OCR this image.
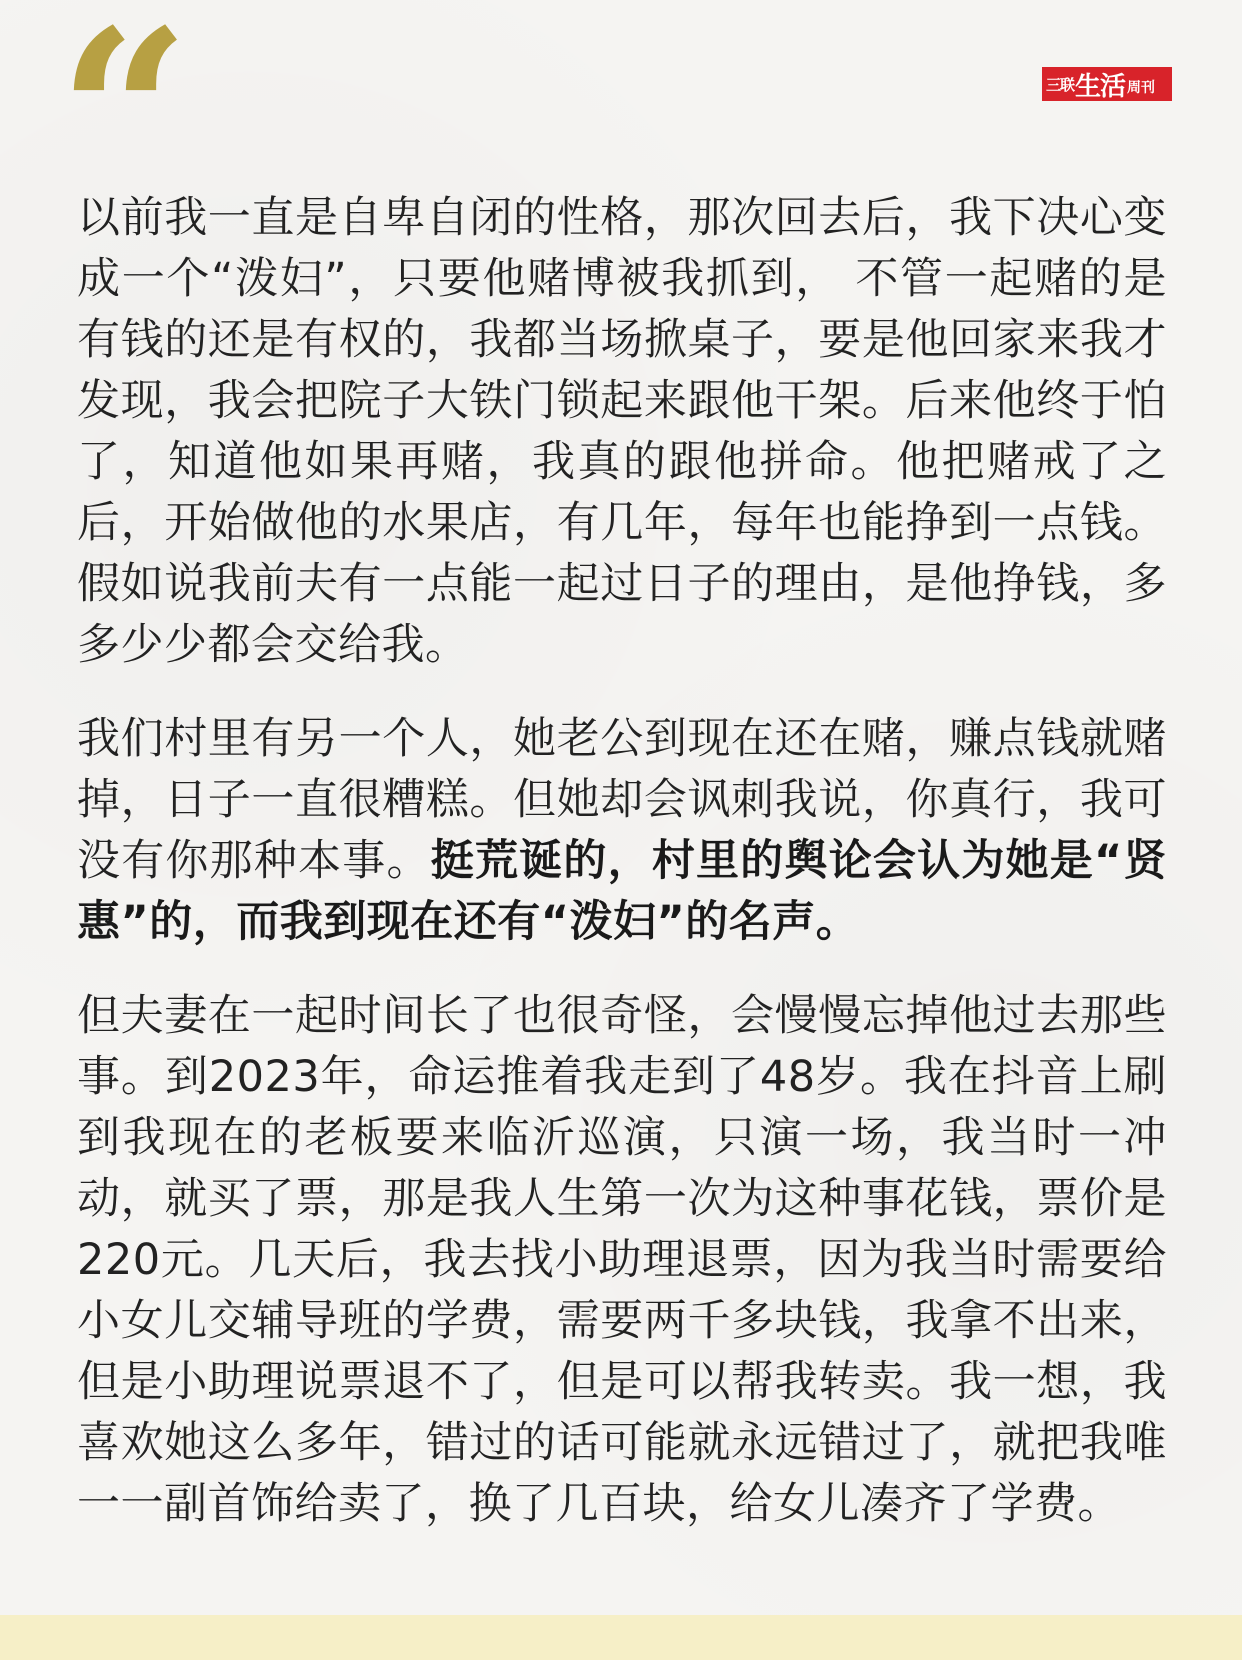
“	三联 生活 周刊

以前我一直是自卑自闭的性格，那次回去后，我下决心变成一个“泼妇”，只要他赌博被我抓到， 不管一起赌的是有钱的还是有权的，我都当场掀桌子，要是他回家来我才发现，我会把院子大铁门锁起来跟他干架。后来他终于怕了，知道他如果再赌，我真的跟他拼命。他把赌戒了之后，开始做他的水果店，有几年，每年也能挣到一点钱。假如说我前夫有一点能一起过日子的理由，是他挣钱，多多少少都会交给我。

我们村里有另一个人，她老公到现在还在赌，赚点钱就赌掉，日子一直很糟糕。但她却会讽刺我说，你真行，我可没有你那种本事。挺荒诞的，村里的舆论会认为她是“贤惠”的，而我到现在还有“泼妇”的名声。

但夫妻在一起时间长了也很奇怪，会慢慢忘掉他过去那些事。到2023年，命运推着我走到了48岁。我在抖音上刷到我现在的老板要来临沂巡演，只演一场，我当时一冲动，就买了票，那是我人生第一次为这种事花钱，票价是220元。几天后，我去找小助理退票，因为我当时需要给小女儿交辅导班的学费，需要两千多块钱，我拿不出来，但是小助理说票退不了，但是可以帮我转卖。我一想，我喜欢她这么多年，错过的话可能就永远错过了，就把我唯一一副首饰给卖了，换了几百块，给女儿凑齐了学费。
